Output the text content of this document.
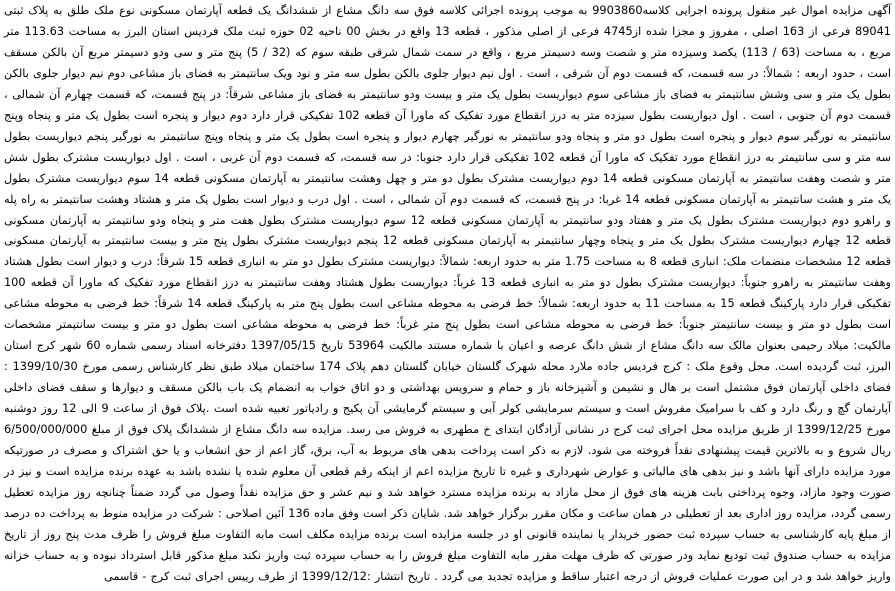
آگهی مزایده اموال غیر منقول پرونده اجرایی کلاسه9903860 به موجب پرونده اجرائی کلاسه فوق سه دانگ مشاع از ششدانگ یک قطعه آپارتمان مسکونی نوع ملک طلق به پلاک ثبتی 89041 فرعی از 163 اصلی ، مفروز و مجزا شده از4745 فرعی از اصلی مذکور ، قطعه 13 واقع در بخش 00 ناحیه 02 حوزه ثبت ملک فردیس استان البرز به مساحت 113.63 متر مربع ، به مساحت (63 / 113) یکصد وسیزده متر و شصت وسه دسیمتر مربع ، واقع در سمت شمال شرقی طبقه سوم که (32 / 5) پنج متر و سی ودو دسیمتر مربع آن بالکن مسقف است ، حدود اربعه : شمالاً: در سه قسمت، که قسمت دوم آن شرقی ، است . اول نیم دیوار جلوی بالکن بطول سه متر و نود ویک سانتیمتر به فضای باز مشاعی دوم نیم دیوار جلوی بالکن بطول یک متر و سی وشش سانتیمتر به فضای باز مشاعی سوم دیواریست بطول یک متر و بیست ودو سانتیمتر به فضای باز مشاعی شرقاً: در پنج قسمت، که قسمت چهارم آن شمالی ، قسمت دوم آن جنوبی ، است . اول دیواریست بطول سیزده متر به درز انقطاع مورد تفکیک که ماورا آن قطعه 102 تفکیکی قرار دارد دوم دیوار و پنجره است بطول یک متر و پنجاه وپنج سانتیمتر به نورگیر سوم دیوار و پنجره است بطول دو متر و پنجاه ودو سانتیمتر به نورگیر چهارم دیوار و پنجره است بطول یک متر و پنجاه وپنج سانتیمتر به نورگیر پنجم دیواریست بطول سه متر و سی سانتیمتر به درز انقطاع مورد تفکیک که ماورا آن قطعه 102 تفکیکی قرار دارد جنوبا: در سه قسمت، که قسمت دوم آن غربی ، است . اول دیواریست مشترک بطول شش متر و شصت وهفت سانتیمتر به آپارتمان مسکونی قطعه 14 دوم دیواریست مشترک بطول دو متر و چهل وهشت سانتیمتر به آپارتمان مسکونی قطعه 14 سوم دیواریست مشترک بطول یک متر و هشت سانتیمتر به آپارتمان مسکونی قطعه 14 غربا: در پنج قسمت، که قسمت دوم آن شمالی ، است . اول درب و دیوار است بطول یک متر و هشتاد وهشت سانتیمتر به راه پله و راهرو دوم دیواریست مشترک بطول یک متر و هفتاد ودو سانتیمتر به آپارتمان مسکونی قطعه 12 سوم دیواریست مشترک بطول هفت متر و پنجاه ودو سانتیمتر به آپارتمان مسکونی قطعه 12 چهارم دیواریست مشترک بطول یک متر و پنجاه وچهار سانتیمتر به آپارتمان مسکونی قطعه 12 پنجم دیواریست مشترک بطول پنج متر و بیست سانتیمتر به آپارتمان مسکونی قطعه 12 مشخصات منضمات ملک: انباری قطعه 8 به مساحت 1.75 متر به حدود اربعه: شمالاً: دیواریست مشترک بطول دو متر به انباری قطعه 15 شرقاً: درب و دیوار است بطول هشتاد وهفت سانتیمتر به راهرو جنوباً: دیواریست مشترک بطول دو متر به انباری قطعه 13 غرباً: دیواریست بطول هشتاد وهفت سانتیمتر به درز انقطاع مورد تفکیک که ماورا آن قطعه 100 تفکیکی قرار دارد پارکینگ قطعه 15 به مساحت 11 به حدود اربعه: شمالاً: خط فرضی به محوطه مشاعی است بطول پنج متر به پارکینگ قطعه 14 شرقاً: خط فرضی به محوطه مشاعی است بطول دو متر و بیست سانتیمتر جنوباً: خط فرضی به محوطه مشاعی است بطول پنج متر غرباً: خط فرضی به محوطه مشاعی است بطول دو متر و بیست سانتیمتر مشخصات مالکیت: میلاد رحیمی بعنوان مالک سه دانگ مشاع از شش دانگ عرصه و اعیان با شماره مستند مالکیت 53964 تاریخ 1397/05/15 دفترخانه اسناد رسمی شماره 60 شهر کرج استان البرز، ثبت گردیده است. محل وقوع ملک : کرج فردیس جاده ملارد محله شهرک گلستان خیابان گلستان دهم پلاک 174 ساختمان میلاد طبق نظر کارشناس رسمی مورخ 1399/10/30 : فضای داخلی آپارتمان فوق مشتمل است بر هال و نشیمن و آشپزخانه باز و حمام و سرویس بهداشتی و دو اتاق خواب به انضمام یک باب بالکن مسقف و دیوارها و سقف فضای داخلی آپارتمان گچ و رنگ دارد و کف با سرامیک مفروش است و سیستم سرمایشی کولر آبی و سیستم گرمایشی آن پکیج و رادیاتور تعبیه شده است .پلاک فوق از ساعت 9 الی 12 روز دوشنبه مورخ 1399/12/25 از طریق مزایده محل اجرای ثبت کرج در نشانی آزادگان ابتدای خ مطهری به فروش می رسد. مزایده سه دانگ مشاع از ششدانگ پلاک فوق از مبلغ 6/500/000/000 ریال شروع و به بالاترین قیمت پیشنهادی نقداً فروخته می شود. لازم به ذکر است پرداخت بدهی های مربوط به آب، برق، گاز اعم از حق انشعاب و یا حق اشتراک و مصرف در صورتیکه مورد مزایده دارای آنها باشد و نیز بدهی های مالیاتی و عوارض شهرداری و غیره تا تاریخ مزایده اعم از اینکه رقم قطعی آن معلوم شده یا نشده باشد به عهده برنده مزایده است و نیز در صورت وجود مازاد، وجوه پرداختی بابت هزینه های فوق از محل مازاد به برنده مزایده مسترد خواهد شد و نیم عشر و حق مزایده نقداً وصول می گردد ضمناً چنانچه روز مزایده تعطیل رسمی گردد، مزایده روز اداری بعد از تعطیلی در همان ساعت و مکان مقرر برگزار خواهد شد. شایان ذکر است وفق ماده 136 آئین اصلاحی : شرکت در مزایده منوط به پرداخت ده درصد از مبلغ پایه کارشناسی به حساب سپرده ثبت حضور خریدار یا نماینده قانونی او در جلسه مزایده است برنده مزایده مکلف است مابه التفاوت مبلغ فروش را ظرف مدت پنج روز از تاریخ مزایده به حساب صندوق ثبت تودیع نماید ودر صورتی که ظرف مهلت مقرر مابه التفاوت مبلغ فروش را به حساب سپرده ثبت واریز نکند مبلغ مذکور قابل استرداد نبوده و به حساب خزانه واریز خواهد شد و در این صورت عملیات فروش از درجه اعتبار ساقط و مزایده تجدید می گردد . تاریخ انتشار :1399/12/12 از طرف رییس اجرای ثبت کرج - قاسمی
